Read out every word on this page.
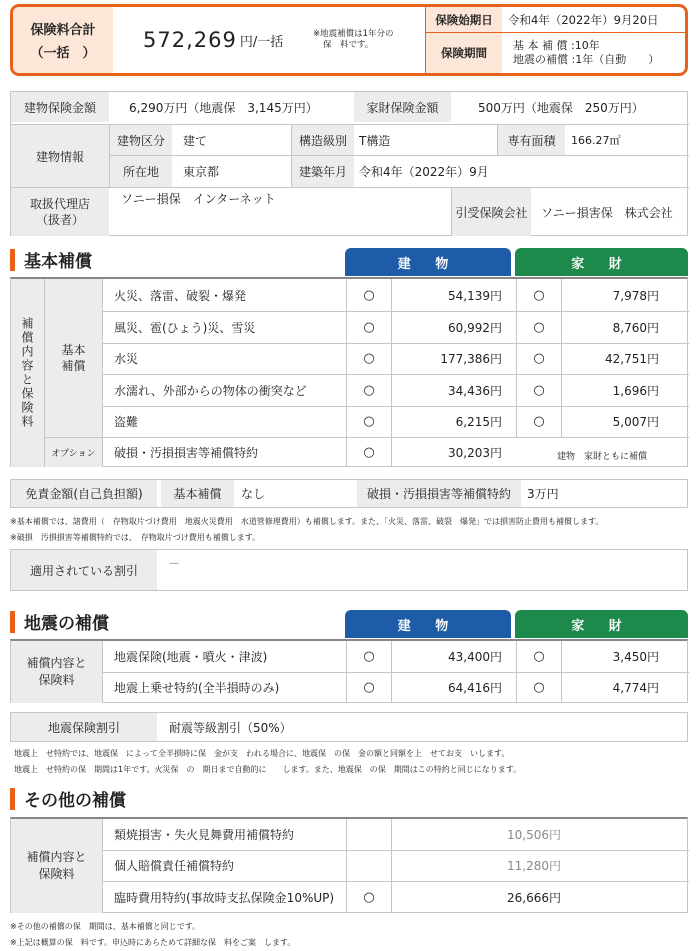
保険料合計
（一括　）
572,269 円/一括
※地震補償は1年分の
保　料です。
保険始期日	令和4年（2022年）9月20日
保険期間
基 本 補 償 :10年
地震の補償 :1年（自動　　）
建物保険金額	6,290万円（地震保　3,145万円）	家財保険金額	500万円（地震保　250万円）
建物情報
建物区分	建て	構造級別	T構造	専有面積	166.27㎡
所在地	東京都	建築年月	令和4年（2022年）9月
取扱代理店
（扱者）
ソニー損保　インターネット
引受保険会社 ソニー損害保　株式会社
基本補償	建 物	家 財
補償内容と保険料 基本補償
オプション
火災、落雷、破裂・爆発	○	54,139円	○	7,978円
風災、雹(ひょう)災、雪災	○	60,992円	○	8,760円
水災	○	177,386円	○	42,751円
水濡れ、外部からの物体の衝突など	○	34,436円	○	1,696円
盗難	○	6,215円	○	5,007円
破損・汚損損害等補償特約	○	30,203円	建物　家財ともに補償
免責金額(自己負担額)	基本補償	なし	破損・汚損損害等補償特約	3万円
※基本補償では、諸費用（　存物取片づけ費用　地震火災費用　水道管修理費用）も補償します。また、「火災、落雷、破裂　爆発」では損害防止費用も補償します。
※破損　汚損損害等補償特約では、　存物取片づけ費用も補償します。
適用されている割引	—
地震の補償	建 物	家 財
補償内容と
保険料
地震保険(地震・噴火・津波)	○	43,400円	○	3,450円
地震上乗せ特約(全半損時のみ)	○	64,416円	○	4,774円
地震保険割引	耐震等級割引（50%）
地震上　せ特約では、地震保　によって全半損時に保　金が支　われる場合に、地震保　の保　金の額と同額を上　せてお支　いします。
地震上　せ特約の保　期間は1年です。火災保　の　期日まで自動的に　　します。また、地震保　の保　期間はこの特約と同じになります。
その他の補償
補償内容と
保険料
類焼損害・失火見舞費用補償特約	10,506円
個人賠償責任補償特約	11,280円
臨時費用特約(事故時支払保険金10%UP) ○	26,666円
※その他の補償の保　期間は、基本補償と同じです。
※上記は概算の保　料です。申込時にあらためて詳細な保　料をご案　します。
